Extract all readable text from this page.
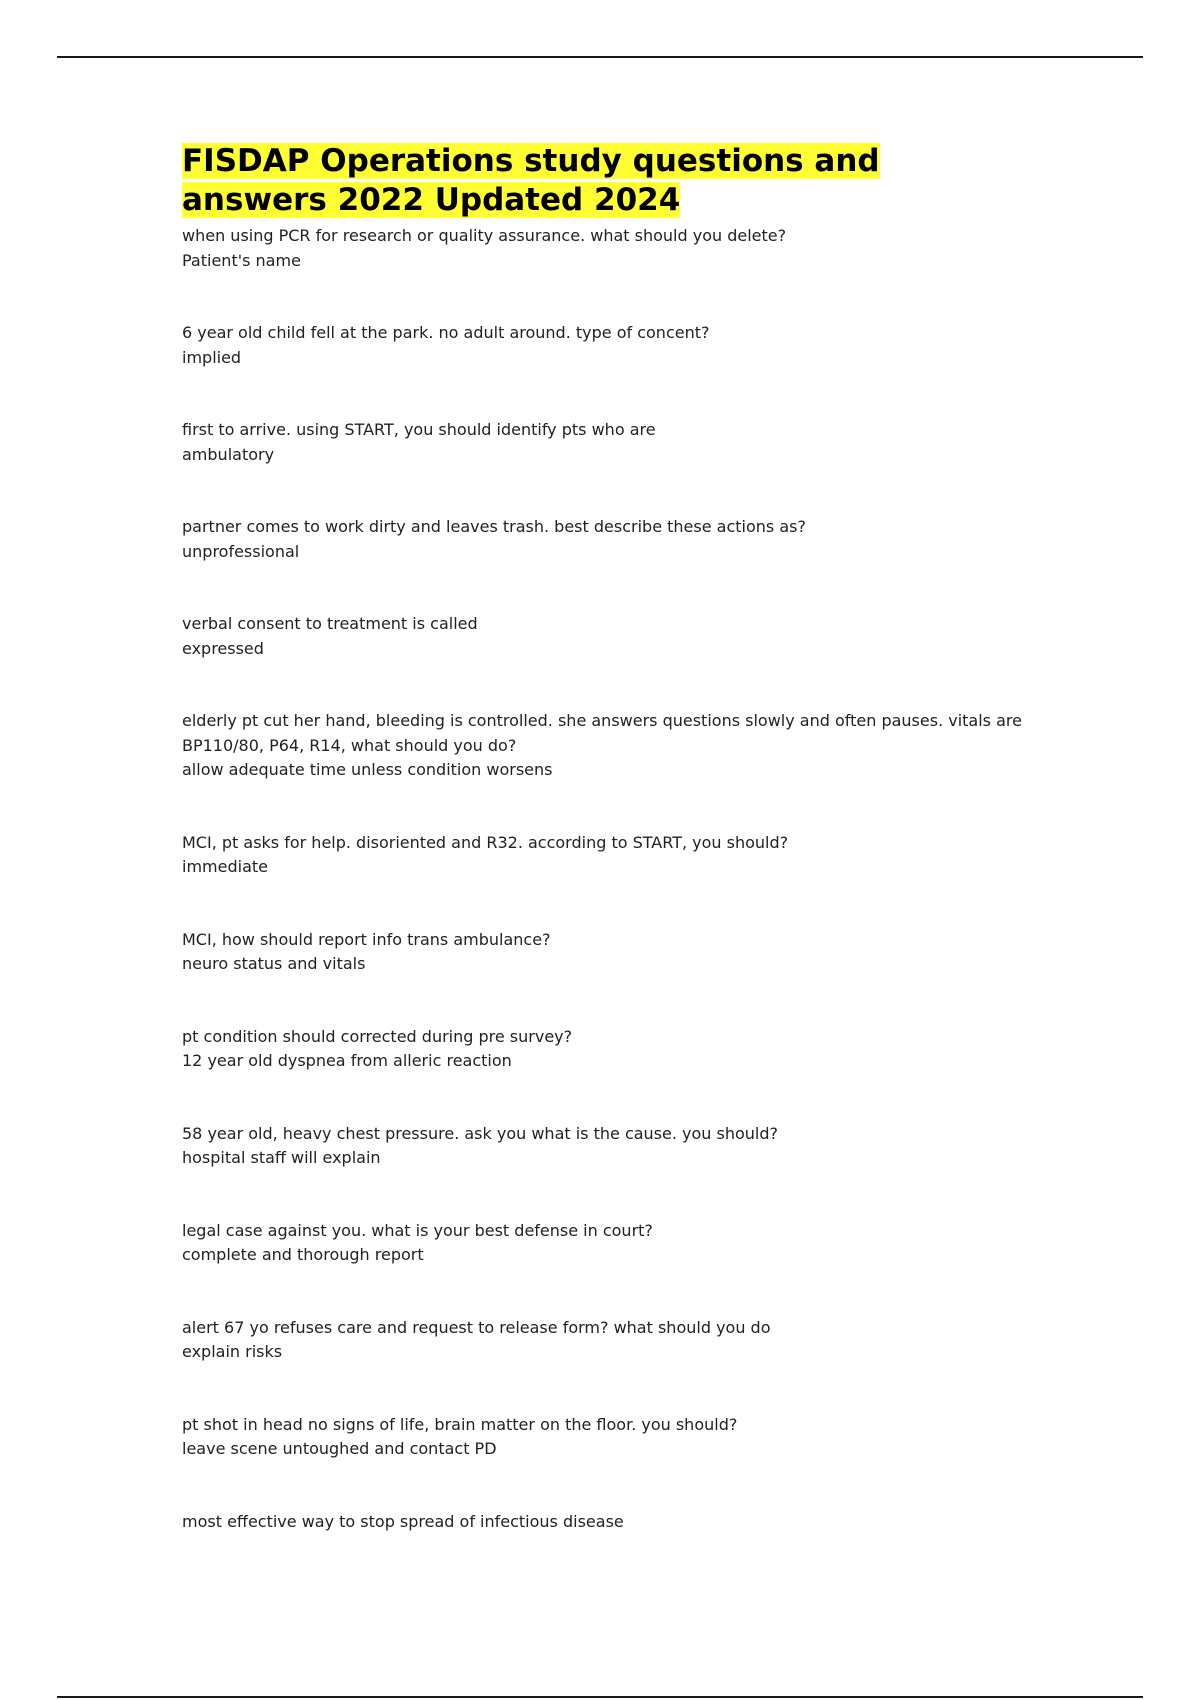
FISDAP Operations study questions and answers 2022 Updated 2024
when using PCR for research or quality assurance. what should you delete?
Patient's name
6 year old child fell at the park. no adult around. type of concent?
implied
first to arrive. using START, you should identify pts who are
ambulatory
partner comes to work dirty and leaves trash. best describe these actions as?
unprofessional
verbal consent to treatment is called
expressed
elderly pt cut her hand, bleeding is controlled. she answers questions slowly and often pauses. vitals are BP110/80, P64, R14, what should you do?
allow adequate time unless condition worsens
MCI, pt asks for help. disoriented and R32. according to START, you should?
immediate
MCI, how should report info trans ambulance?
neuro status and vitals
pt condition should corrected during pre survey?
12 year old dyspnea from alleric reaction
58 year old, heavy chest pressure. ask you what is the cause. you should?
hospital staff will explain
legal case against you. what is your best defense in court?
complete and thorough report
alert 67 yo refuses care and request to release form? what should you do
explain risks
pt shot in head no signs of life, brain matter on the floor. you should?
leave scene untoughed and contact PD
most effective way to stop spread of infectious disease
